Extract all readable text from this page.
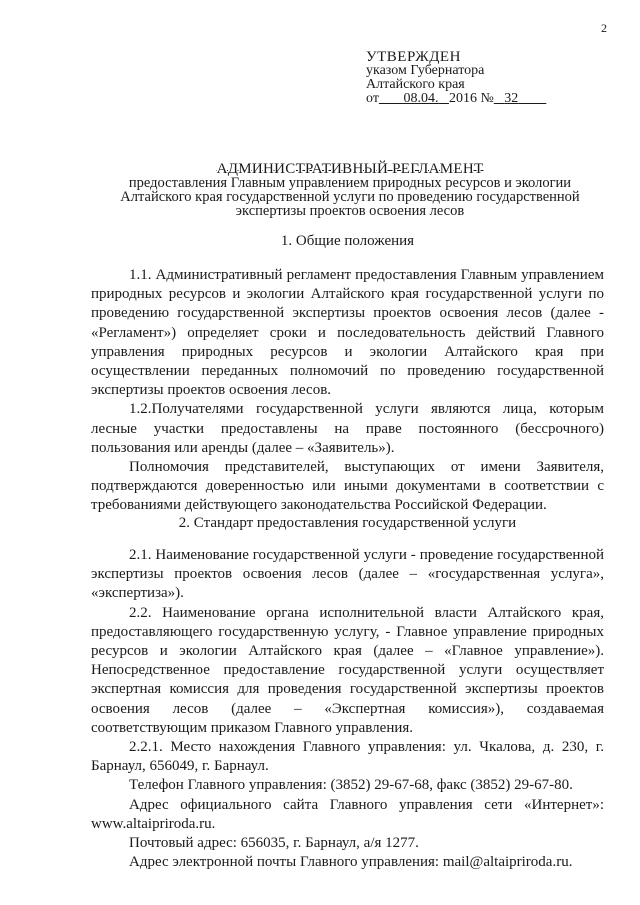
2
УТВЕРЖДЕН
указом Губернатора
Алтайского края
от 08.04. 2016 № 32
АДМИНИСТРАТИВНЫЙ РЕГЛАМЕНТ
предоставления Главным управлением природных ресурсов и экологии
Алтайского края государственной услуги по проведению государственной
экспертизы проектов освоения лесов
1. Общие положения

1.1. Административный регламент предоставления Главным управлением природных ресурсов и экологии Алтайского края государственной услуги по проведению государственной экспертизы проектов освоения лесов (далее - «Регламент») определяет сроки и последовательность действий Главного управления природных ресурсов и экологии Алтайского края при осуществлении переданных полномочий по проведению государственной экспертизы проектов освоения лесов.

1.2.Получателями государственной услуги являются лица, которым лесные участки предоставлены на праве постоянного (бессрочного) пользования или аренды (далее – «Заявитель»).

Полномочия представителей, выступающих от имени Заявителя, подтверждаются доверенностью или иными документами в соответствии с требованиями действующего законодательства Российской Федерации.

2. Стандарт предоставления государственной услуги

2.1. Наименование государственной услуги - проведение государственной экспертизы проектов освоения лесов (далее – «государственная услуга», «экспертиза»).

2.2. Наименование органа исполнительной власти Алтайского края, предоставляющего государственную услугу, - Главное управление природных ресурсов и экологии Алтайского края (далее – «Главное управление»). Непосредственное предоставление государственной услуги осуществляет экспертная комиссия для проведения государственной экспертизы проектов освоения лесов (далее – «Экспертная комиссия»), создаваемая соответствующим приказом Главного управления.

2.2.1. Место нахождения Главного управления: ул. Чкалова, д. 230, г. Барнаул, 656049, г. Барнаул.

Телефон Главного управления: (3852) 29-67-68, факс (3852) 29-67-80.

Адрес официального сайта Главного управления сети «Интернет»: www.altaipriroda.ru.

Почтовый адрес: 656035, г. Барнаул, а/я 1277.

Адрес электронной почты Главного управления: mail@altaipriroda.ru.
